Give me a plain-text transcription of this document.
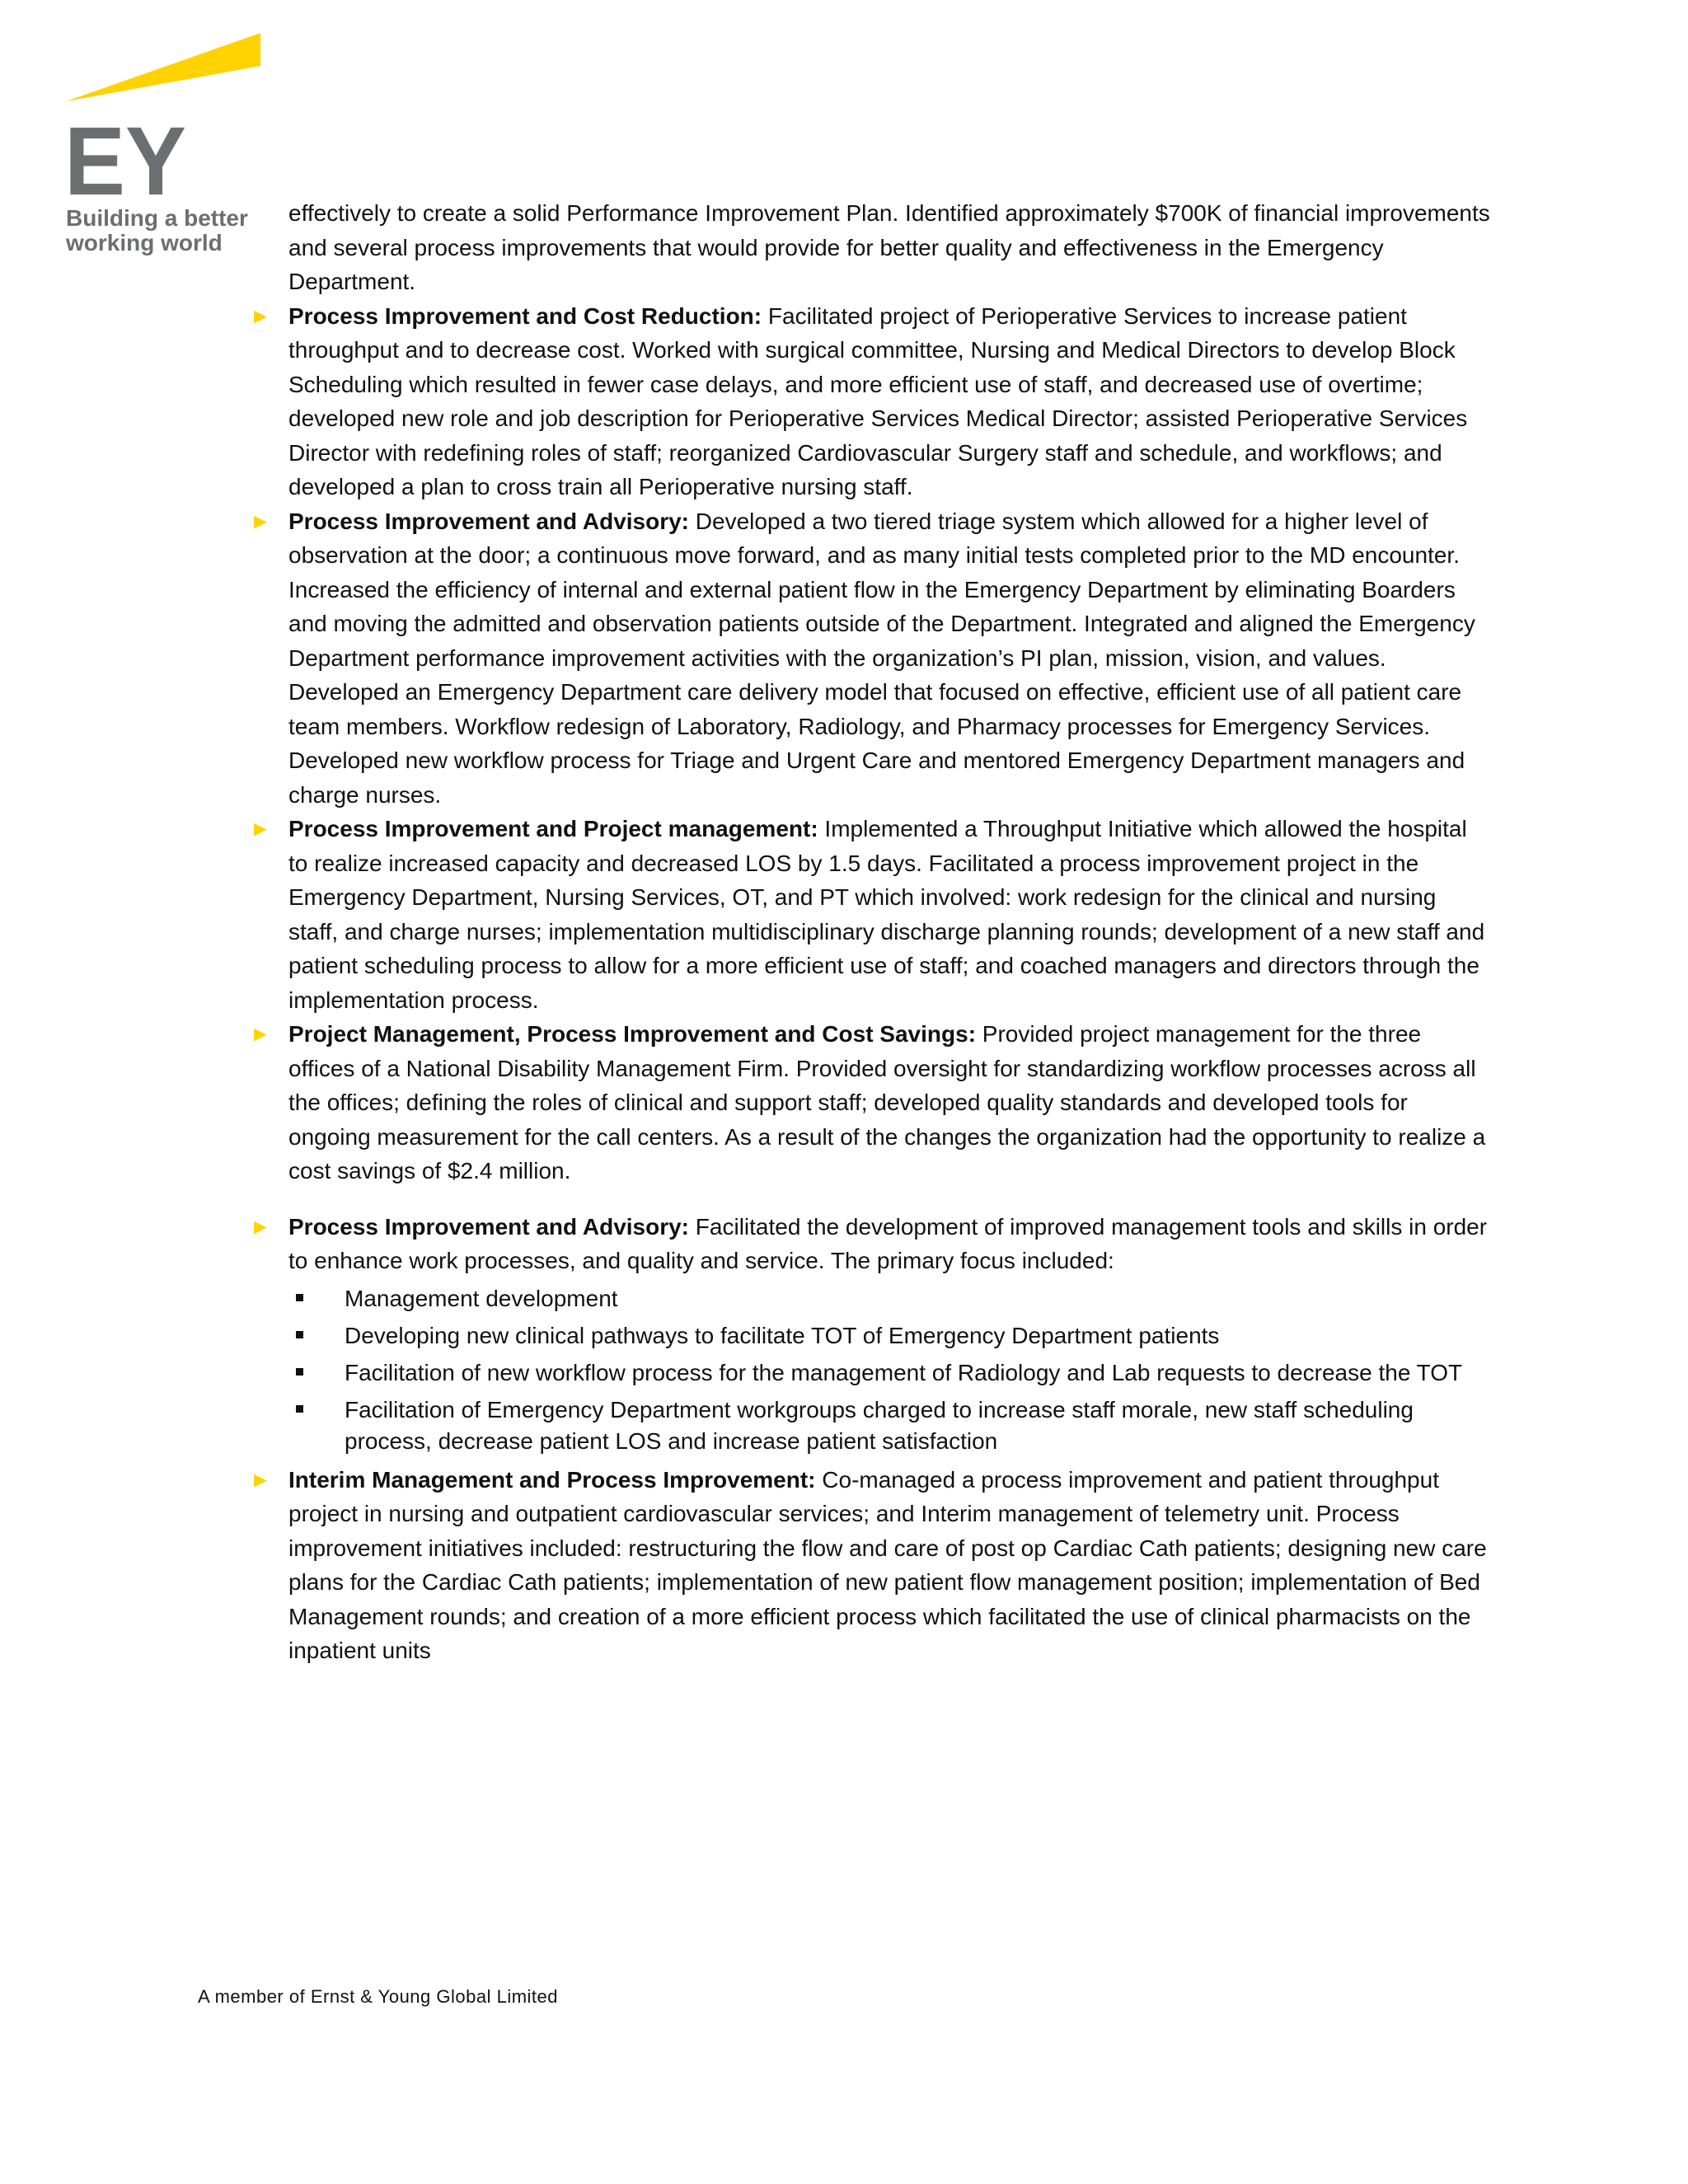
EY
Building a better
working world

effectively to create a solid Performance Improvement Plan. Identified approximately $700K of financial improvements and several process improvements that would provide for better quality and effectiveness in the Emergency Department.

► Process Improvement and Cost Reduction: Facilitated project of Perioperative Services to increase patient throughput and to decrease cost. Worked with surgical committee, Nursing and Medical Directors to develop Block Scheduling which resulted in fewer case delays, and more efficient use of staff, and decreased use of overtime; developed new role and job description for Perioperative Services Medical Director; assisted Perioperative Services Director with redefining roles of staff; reorganized Cardiovascular Surgery staff and schedule, and workflows; and developed a plan to cross train all Perioperative nursing staff.
► Process Improvement and Advisory: Developed a two tiered triage system which allowed for a higher level of observation at the door; a continuous move forward, and as many initial tests completed prior to the MD encounter. Increased the efficiency of internal and external patient flow in the Emergency Department by eliminating Boarders and moving the admitted and observation patients outside of the Department. Integrated and aligned the Emergency Department performance improvement activities with the organization’s PI plan, mission, vision, and values. Developed an Emergency Department care delivery model that focused on effective, efficient use of all patient care team members. Workflow redesign of Laboratory, Radiology, and Pharmacy processes for Emergency Services. Developed new workflow process for Triage and Urgent Care and mentored Emergency Department managers and charge nurses.
► Process Improvement and Project management: Implemented a Throughput Initiative which allowed the hospital to realize increased capacity and decreased LOS by 1.5 days. Facilitated a process improvement project in the Emergency Department, Nursing Services, OT, and PT which involved: work redesign for the clinical and nursing staff, and charge nurses; implementation multidisciplinary discharge planning rounds; development of a new staff and patient scheduling process to allow for a more efficient use of staff; and coached managers and directors through the implementation process.
► Project Management, Process Improvement and Cost Savings: Provided project management for the three offices of a National Disability Management Firm. Provided oversight for standardizing workflow processes across all the offices; defining the roles of clinical and support staff; developed quality standards and developed tools for ongoing measurement for the call centers. As a result of the changes the organization had the opportunity to realize a cost savings of $2.4 million.
► Process Improvement and Advisory: Facilitated the development of improved management tools and skills in order to enhance work processes, and quality and service. The primary focus included:
Management development
Developing new clinical pathways to facilitate TOT of Emergency Department patients
Facilitation of new workflow process for the management of Radiology and Lab requests to decrease the TOT
Facilitation of Emergency Department workgroups charged to increase staff morale, new staff scheduling process, decrease patient LOS and increase patient satisfaction
► Interim Management and Process Improvement: Co-managed a process improvement and patient throughput project in nursing and outpatient cardiovascular services; and Interim management of telemetry unit. Process improvement initiatives included: restructuring the flow and care of post op Cardiac Cath patients; designing new care plans for the Cardiac Cath patients; implementation of new patient flow management position; implementation of Bed Management rounds; and creation of a more efficient process which facilitated the use of clinical pharmacists on the inpatient units
A member of Ernst & Young Global Limited
